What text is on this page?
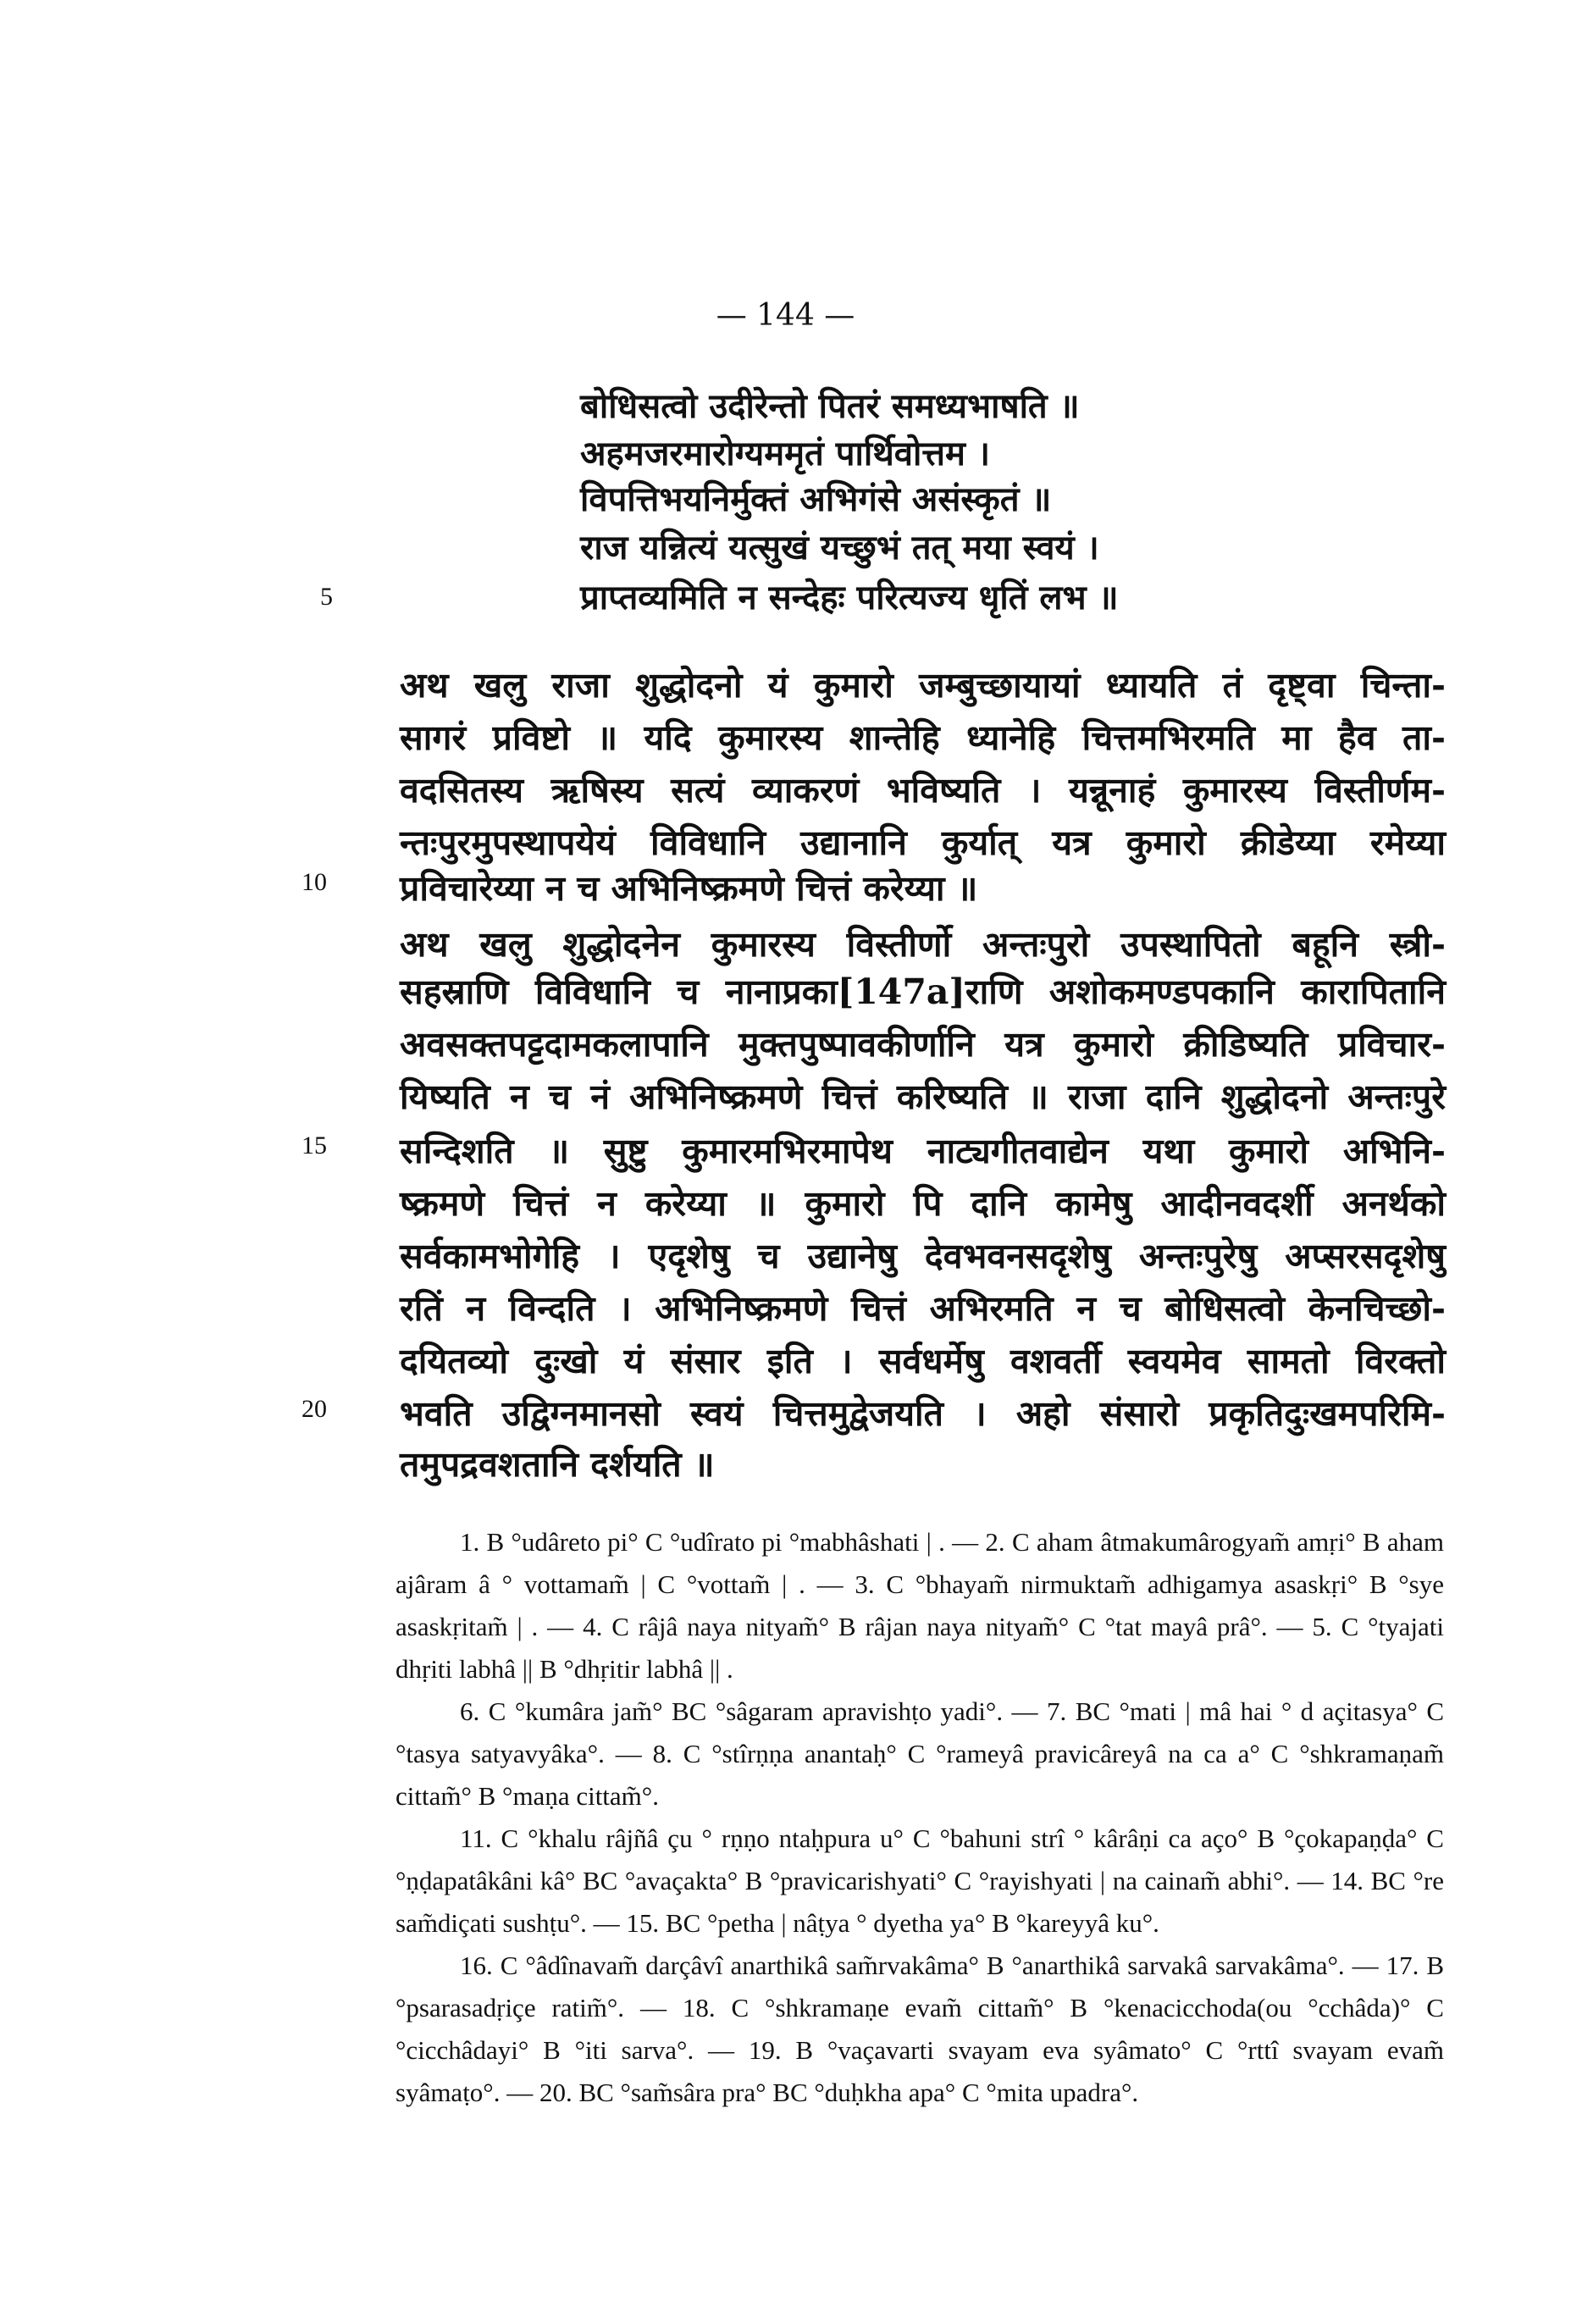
— 144 —
बोधिसत्वो उदीरेन्तो पितरं समध्यभाषति ॥
अहमजरमारोग्यममृतं पार्थिवोत्तम ।
विपत्तिभयनिर्मुक्तं अभिगंसे असंस्कृतं ॥
राज यन्नित्यं यत्सुखं यच्छुभं तत् मया स्वयं ।
प्राप्तव्यमिति न सन्देहः परित्यज्य धृतिं लभ ॥
5
10
15
20
अथ खलु राजा शुद्धोदनो यं कुमारो जम्बुच्छायायां ध्यायति तं दृष्ट्वा चिन्ता-
सागरं प्रविष्टो ॥ यदि कुमारस्य शान्तेहि ध्यानेहि चित्तमभिरमति मा हैव ता-
वदसितस्य ऋषिस्य सत्यं व्याकरणं भविष्यति । यन्नूनाहं कुमारस्य विस्तीर्णम-
न्तःपुरमुपस्थापयेयं विविधानि उद्यानानि कुर्यात् यत्र कुमारो क्रीडेय्या रमेय्या
प्रविचारेय्या न च अभिनिष्क्रमणे चित्तं करेय्या ॥
अथ खलु शुद्धोदनेन कुमारस्य विस्तीर्णो अन्तःपुरो उपस्थापितो बहूनि स्त्री-
सहस्राणि विविधानि च नानाप्रका[147a]राणि अशोकमण्डपकानि कारापितानि
अवसक्तपट्टदामकलापानि मुक्तपुष्पावकीर्णानि यत्र कुमारो क्रीडिष्यति प्रविचार-
यिष्यति न च नं अभिनिष्क्रमणे चित्तं करिष्यति ॥ राजा दानि शुद्धोदनो अन्तःपुरे
सन्दिशति ॥ सुष्टु कुमारमभिरमापेथ नाट्यगीतवाद्येन यथा कुमारो अभिनि-
ष्क्रमणे चित्तं न करेय्या ॥ कुमारो पि दानि कामेषु आदीनवदर्शी अनर्थको
सर्वकामभोगेहि । एदृशेषु च उद्यानेषु देवभवनसदृशेषु अन्तःपुरेषु अप्सरसदृशेषु
रतिं न विन्दति । अभिनिष्क्रमणे चित्तं अभिरमति न च बोधिसत्वो केनचिच्छो-
दयितव्यो दुःखो यं संसार इति । सर्वधर्मेषु वशवर्ती स्वयमेव सामतो विरक्तो
भवति उद्विग्नमानसो स्वयं चित्तमुद्वेजयति । अहो संसारो प्रकृतिदुःखमपरिमि-
तमुपद्रवशतानि दर्शयति ॥

1. B °udâreto pi° C °udîrato pi °mabhâshati | . — 2. C aham âtmakumârogyam̃ amṛi° B aham ajâram â ° vottamam̃ | C °vottam̃ | . — 3. C °bhayam̃ nirmuktam̃ adhigamya asaskṛi° B °sye asaskṛitam̃ | . — 4. C râjâ naya nityam̃° B râjan naya nityam̃° C °tat mayâ prâ°. — 5. C °tyajati dhṛiti labhâ || B °dhṛitir labhâ || .

6. C °kumâra jam̃° BC °sâgaram apravishṭo yadi°. — 7. BC °mati | mâ hai ° d açitasya° C °tasya satyavyâka°. — 8. C °stîrṇṇa anantaḥ° C °rameyâ pravicâreyâ na ca a° C °shkramaṇam̃ cittam̃° B °maṇa cittam̃°.

11. C °khalu râjñâ çu ° rṇṇo ntaḥpura u° C °bahuni strî ° kârâṇi ca aço° B °çokapaṇḍa° C °ṇḍapatâkâni kâ° BC °avaçakta° B °pravicarishyati° C °rayishyati | na cainam̃ abhi°. — 14. BC °re sam̃diçati sushṭu°. — 15. BC °petha | nâṭya ° dyetha ya° B °kareyyâ ku°.

16. C °âdînavam̃ darçâvî anarthikâ sam̃rvakâma° B °anarthikâ sarvakâ sarvakâma°. — 17. B °psarasadṛiçe ratim̃°. — 18. C °shkramaṇe evam̃ cittam̃° B °kenacicchoda(ou °cchâda)° C °cicchâdayi° B °iti sarva°. — 19. B °vaçavarti svayam eva syâmato° C °rttî svayam evam̃ syâmaṭo°. — 20. BC °sam̃sâra pra° BC °duḥkha apa° C °mita upadra°.
